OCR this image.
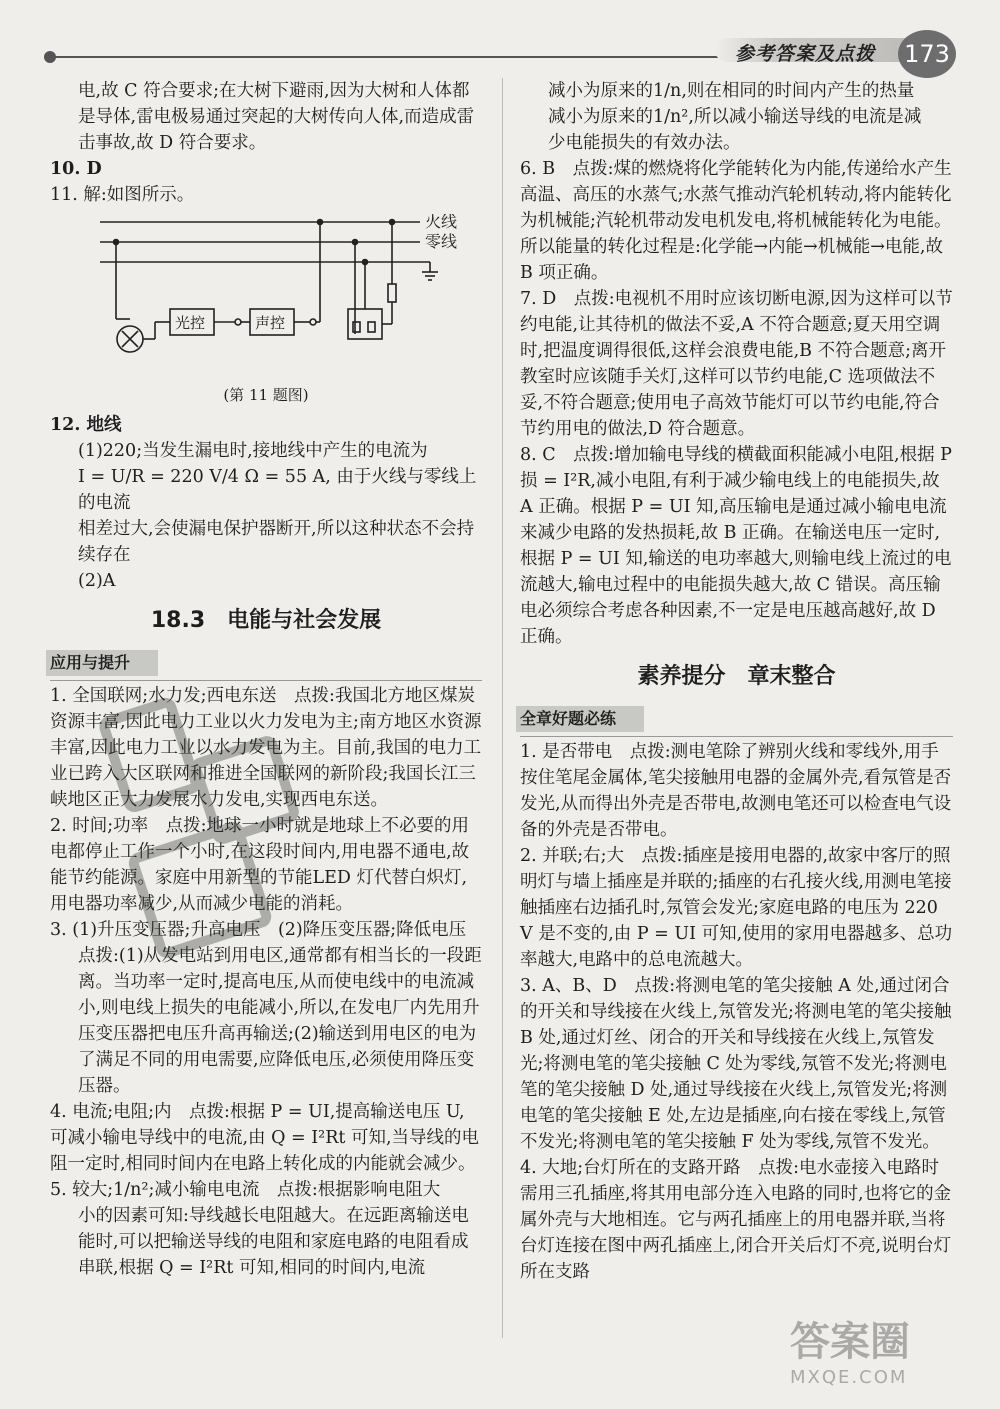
参考答案及点拨 173

电,故 C 符合要求;在大树下避雨,因为大树和人体都是导体,雷电极易通过突起的大树传向人体,而造成雷击事故,故 D 符合要求。

10. D

11. 解:如图所示。

火线
零线
光控	声控

(第 11 题图)

12. 地线

(1)220;当发生漏电时,接地线中产生的电流为

I = U/R = 220 V/4 Ω = 55 A, 由于火线与零线上的电流

相差过大,会使漏电保护器断开,所以这种状态不会持续存在

(2)A

18.3　电能与社会发展

应用与提升

1. 全国联网;水力发;西电东送　点拨:我国北方地区煤炭资源丰富,因此电力工业以火力发电为主;南方地区水资源丰富,因此电力工业以水力发电为主。目前,我国的电力工业已跨入大区联网和推进全国联网的新阶段;我国长江三峡地区正大力发展水力发电,实现西电东送。

2. 时间;功率　点拨:地球一小时就是地球上不必要的用电都停止工作一个小时,在这段时间内,用电器不通电,故能节约能源。家庭中用新型的节能LED 灯代替白炽灯,用电器功率减少,从而减少电能的消耗。

3. (1)升压变压器;升高电压　(2)降压变压器;降低电压

点拨:(1)从发电站到用电区,通常都有相当长的一段距离。当功率一定时,提高电压,从而使电线中的电流减小,则电线上损失的电能减小,所以,在发电厂内先用升压变压器把电压升高再输送;(2)输送到用电区的电为了满足不同的用电需要,应降低电压,必须使用降压变压器。

4. 电流;电阻;内　点拨:根据 P = UI,提高输送电压 U,可减小输电导线中的电流,由 Q = I²Rt 可知,当导线的电阻一定时,相同时间内在电路上转化成的内能就会减少。

5. 较大;1/n²;减小输电电流　点拨:根据影响电阻大

小的因素可知:导线越长电阻越大。在远距离输送电能时,可以把输送导线的电阻和家庭电路的电阻看成串联,根据 Q = I²Rt 可知,相同的时间内,电流

减小为原来的1/n,则在相同的时间内产生的热量

减小为原来的1/n²,所以减小输送导线的电流是减

少电能损失的有效办法。

6. B　点拨:煤的燃烧将化学能转化为内能,传递给水产生高温、高压的水蒸气;水蒸气推动汽轮机转动,将内能转化为机械能;汽轮机带动发电机发电,将机械能转化为电能。所以能量的转化过程是:化学能→内能→机械能→电能,故 B 项正确。

7. D　点拨:电视机不用时应该切断电源,因为这样可以节约电能,让其待机的做法不妥,A 不符合题意;夏天用空调时,把温度调得很低,这样会浪费电能,B 不符合题意;离开教室时应该随手关灯,这样可以节约电能,C 选项做法不妥,不符合题意;使用电子高效节能灯可以节约电能,符合节约用电的做法,D 符合题意。

8. C　点拨:增加输电导线的横截面积能减小电阻,根据 P损 = I²R,减小电阻,有利于减少输电线上的电能损失,故 A 正确。根据 P = UI 知,高压输电是通过减小输电电流来减少电路的发热损耗,故 B 正确。在输送电压一定时,根据 P = UI 知,输送的电功率越大,则输电线上流过的电流越大,输电过程中的电能损失越大,故 C 错误。高压输电必须综合考虑各种因素,不一定是电压越高越好,故 D 正确。

素养提分　章末整合

全章好题必练

1. 是否带电　点拨:测电笔除了辨别火线和零线外,用手按住笔尾金属体,笔尖接触用电器的金属外壳,看氖管是否发光,从而得出外壳是否带电,故测电笔还可以检查电气设备的外壳是否带电。

2. 并联;右;大　点拨:插座是接用电器的,故家中客厅的照明灯与墙上插座是并联的;插座的右孔接火线,用测电笔接触插座右边插孔时,氖管会发光;家庭电路的电压为 220 V 是不变的,由 P = UI 可知,使用的家用电器越多、总功率越大,电路中的总电流越大。

3. A、B、D　点拨:将测电笔的笔尖接触 A 处,通过闭合的开关和导线接在火线上,氖管发光;将测电笔的笔尖接触 B 处,通过灯丝、闭合的开关和导线接在火线上,氖管发光;将测电笔的笔尖接触 C 处为零线,氖管不发光;将测电笔的笔尖接触 D 处,通过导线接在火线上,氖管发光;将测电笔的笔尖接触 E 处,左边是插座,向右接在零线上,氖管不发光;将测电笔的笔尖接触 F 处为零线,氖管不发光。

4. 大地;台灯所在的支路开路　点拨:电水壶接入电路时需用三孔插座,将其用电部分连入电路的同时,也将它的金属外壳与大地相连。它与两孔插座上的用电器并联,当将台灯连接在图中两孔插座上,闭合开关后灯不亮,说明台灯所在支路

答案圈
MXQE.COM
